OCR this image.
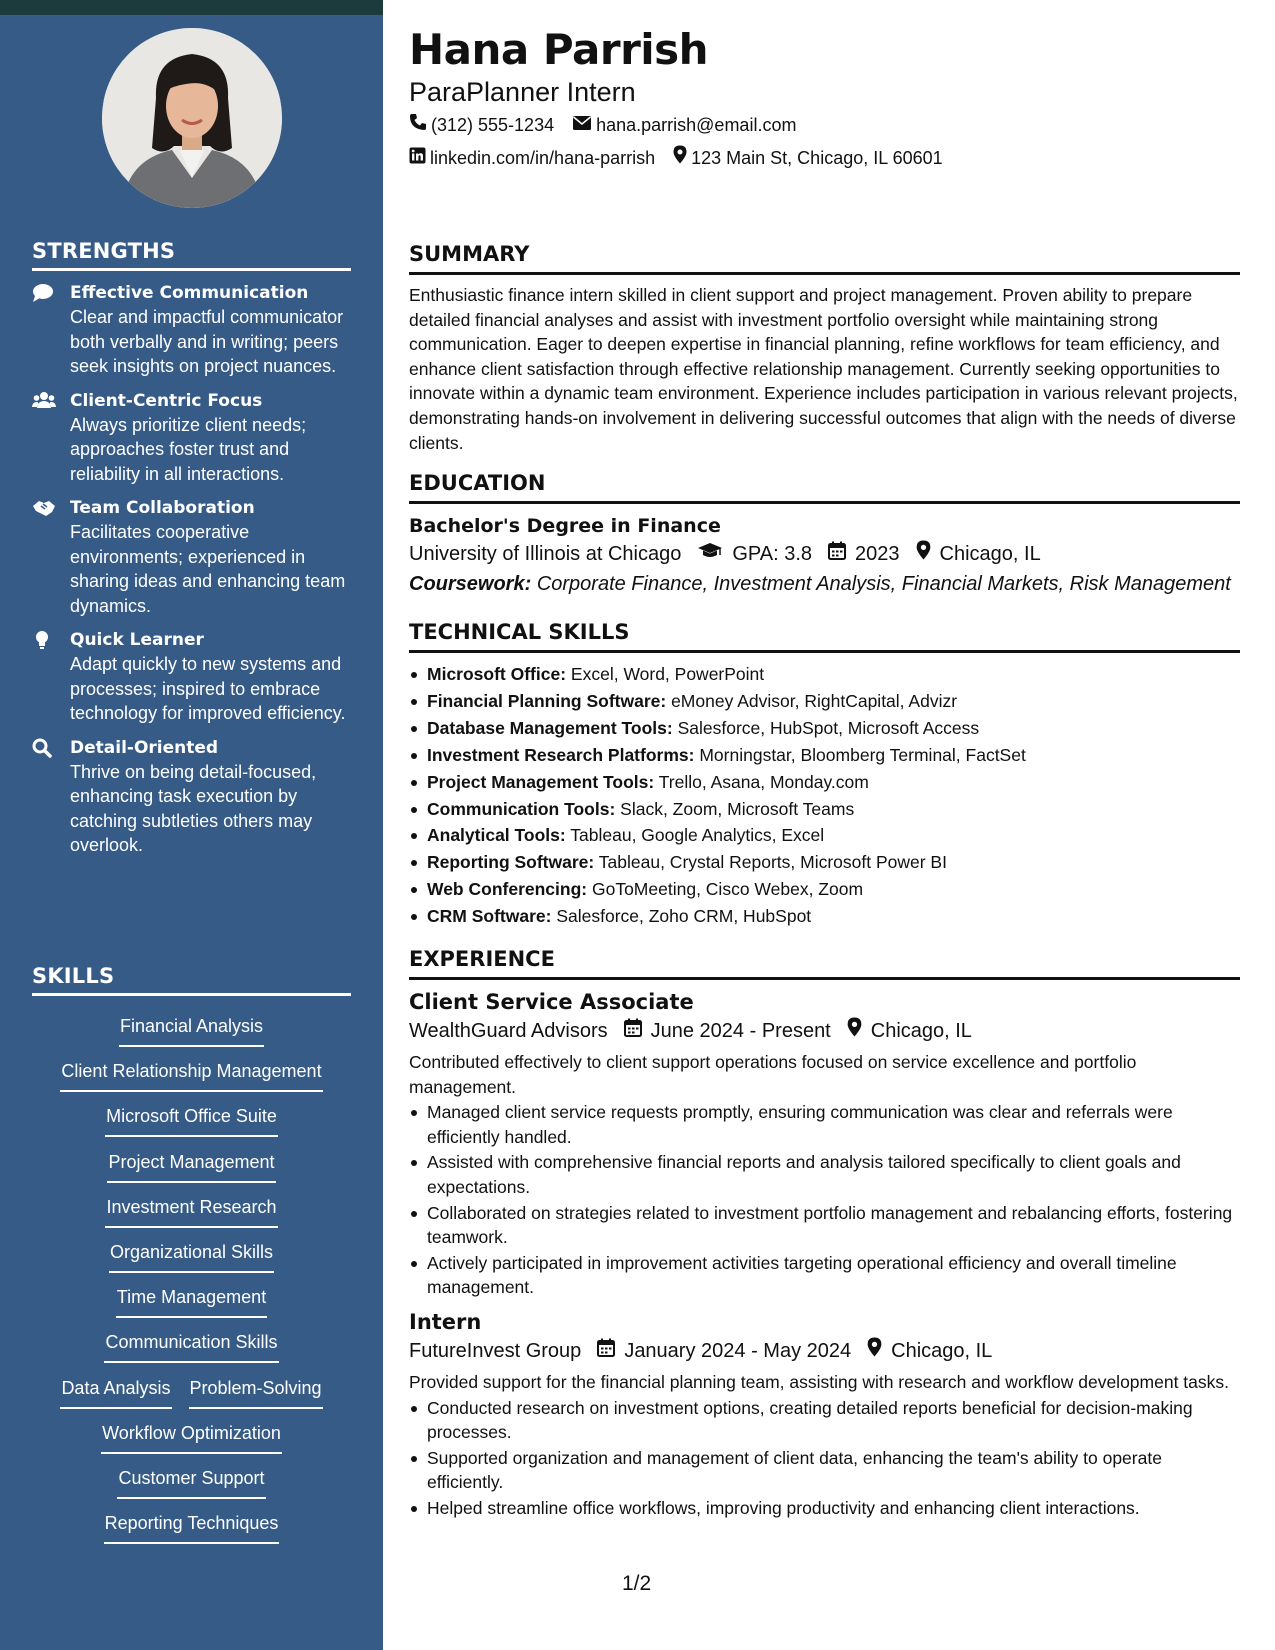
STRENGTHS
Effective Communication
Clear and impactful communicator both verbally and in writing; peers seek insights on project nuances.
Client-Centric Focus
Always prioritize client needs; approaches foster trust and reliability in all interactions.
Team Collaboration
Facilitates cooperative environments; experienced in sharing ideas and enhancing team dynamics.
Quick Learner
Adapt quickly to new systems and processes; inspired to embrace technology for improved efficiency.
Detail-Oriented
Thrive on being detail-focused, enhancing task execution by catching subtleties others may overlook.
SKILLS
Financial Analysis
Client Relationship Management
Microsoft Office Suite
Project Management
Investment Research
Organizational Skills
Time Management
Communication Skills
Data Analysis Problem-Solving
Workflow Optimization
Customer Support
Reporting Techniques
Hana Parrish
ParaPlanner Intern
(312) 555-1234 hana.parrish@email.com
linkedin.com/in/hana-parrish 123 Main St, Chicago, IL 60601
SUMMARY
Enthusiastic finance intern skilled in client support and project management. Proven ability to prepare detailed financial analyses and assist with investment portfolio oversight while maintaining strong communication. Eager to deepen expertise in financial planning, refine workflows for team efficiency, and enhance client satisfaction through effective relationship management. Currently seeking opportunities to innovate within a dynamic team environment. Experience includes participation in various relevant projects, demonstrating hands-on involvement in delivering successful outcomes that align with the needs of diverse clients.
EDUCATION
Bachelor's Degree in Finance
University of Illinois at Chicago	GPA: 3.8 2023 Chicago, IL
Coursework: Corporate Finance, Investment Analysis, Financial Markets, Risk Management
TECHNICAL SKILLS
Microsoft Office: Excel, Word, PowerPoint
Financial Planning Software: eMoney Advisor, RightCapital, Advizr
Database Management Tools: Salesforce, HubSpot, Microsoft Access
Investment Research Platforms: Morningstar, Bloomberg Terminal, FactSet
Project Management Tools: Trello, Asana, Monday.com
Communication Tools: Slack, Zoom, Microsoft Teams
Analytical Tools: Tableau, Google Analytics, Excel
Reporting Software: Tableau, Crystal Reports, Microsoft Power BI
Web Conferencing: GoToMeeting, Cisco Webex, Zoom
CRM Software: Salesforce, Zoho CRM, HubSpot
EXPERIENCE
Client Service Associate
WealthGuard Advisors June 2024 - Present Chicago, IL
Contributed effectively to client support operations focused on service excellence and portfolio management.
Managed client service requests promptly, ensuring communication was clear and referrals were efficiently handled.
Assisted with comprehensive financial reports and analysis tailored specifically to client goals and expectations.
Collaborated on strategies related to investment portfolio management and rebalancing efforts, fostering teamwork.
Actively participated in improvement activities targeting operational efficiency and overall timeline management.
Intern
FutureInvest Group January 2024 - May 2024 Chicago, IL
Provided support for the financial planning team, assisting with research and workflow development tasks.
Conducted research on investment options, creating detailed reports beneficial for decision-making processes.
Supported organization and management of client data, enhancing the team's ability to operate efficiently.
Helped streamline office workflows, improving productivity and enhancing client interactions.
1/2
